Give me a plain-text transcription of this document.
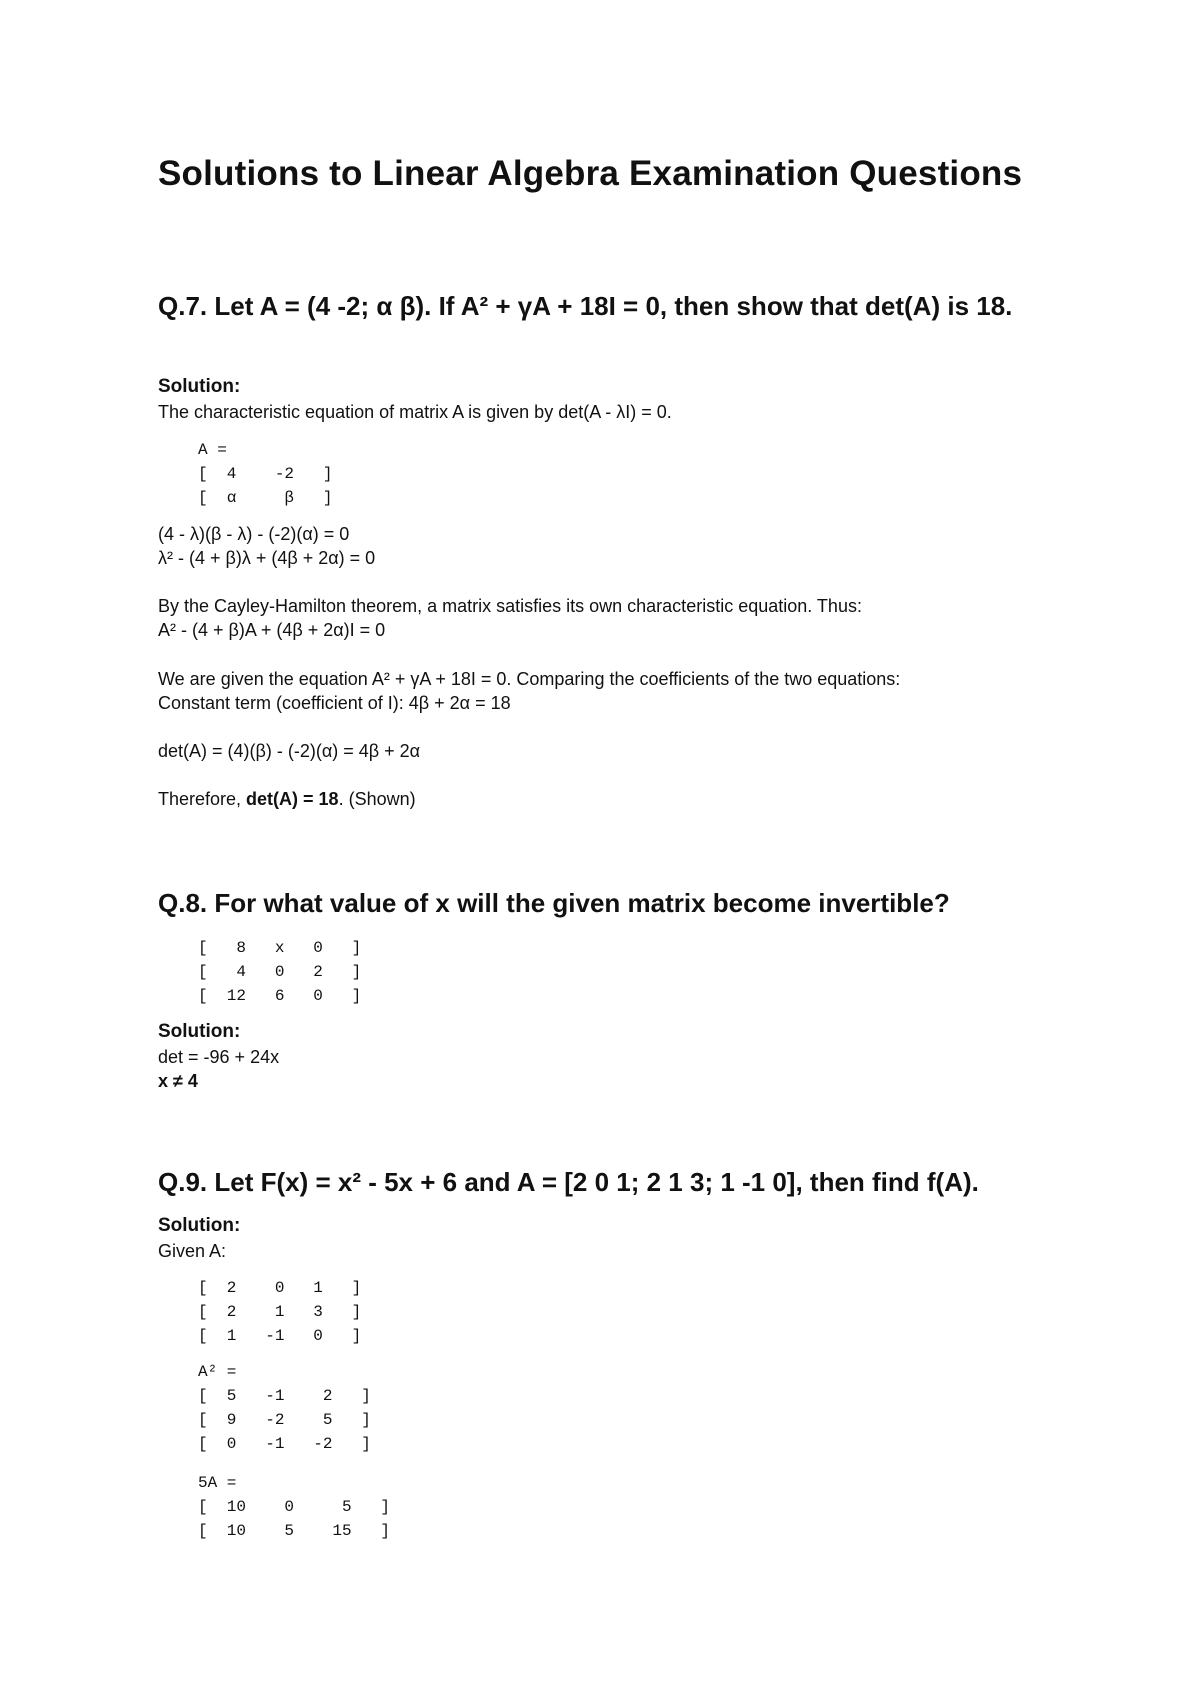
Solutions to Linear Algebra Examination Questions
Q.7. Let A = (4 -2; α β). If A² + γA + 18I = 0, then show that det(A) is 18.
Solution:
The characteristic equation of matrix A is given by det(A - λI) = 0.
A =
[  4    -2   ]
[  α     β   ]
(4 - λ)(β - λ) - (-2)(α) = 0
λ² - (4 + β)λ + (4β + 2α) = 0
By the Cayley-Hamilton theorem, a matrix satisfies its own characteristic equation. Thus:
A² - (4 + β)A + (4β + 2α)I = 0
We are given the equation A² + γA + 18I = 0. Comparing the coefficients of the two equations:
Constant term (coefficient of I): 4β + 2α = 18
det(A) = (4)(β) - (-2)(α) = 4β + 2α
Therefore, det(A) = 18. (Shown)
Q.8. For what value of x will the given matrix become invertible?
[   8   x   0   ]
[   4   0   2   ]
[  12   6   0   ]
Solution:
det = -96 + 24x
x ≠ 4
Q.9. Let F(x) = x² - 5x + 6 and A = [2 0 1; 2 1 3; 1 -1 0], then find f(A).
Solution:
Given A:
[  2    0   1   ]
[  2    1   3   ]
[  1   -1   0   ]
A² =
[  5   -1    2   ]
[  9   -2    5   ]
[  0   -1   -2   ]
5A =
[  10    0     5   ]
[  10    5    15   ]
